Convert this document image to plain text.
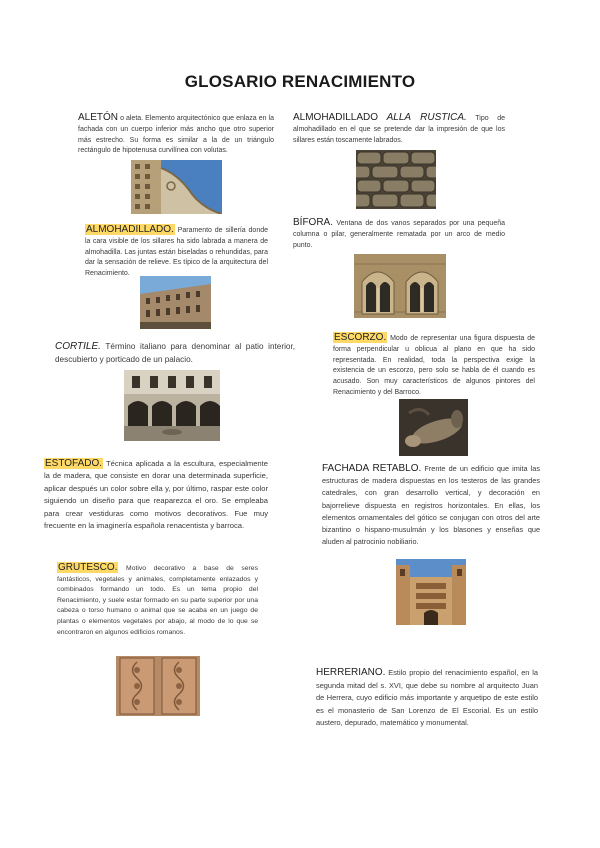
GLOSARIO RENACIMIENTO
ALETÓN o aleta. Elemento arquitectónico que enlaza en la fachada con un cuerpo inferior más ancho que otro superior más estrecho. Su forma es similar a la de un triángulo rectángulo de hipotenusa curvilínea con volutas.
ALMOHADILLADO ALLA RUSTICA. Tipo de almohadillado en el que se pretende dar la impresión de que los sillares están toscamente labrados.
ALMOHADILLADO. Paramento de sillería donde la cara visible de los sillares ha sido labrada a manera de almohadilla. Las juntas están biseladas o rehundidas, para dar la sensación de relieve. Es típico de la arquitectura del Renacimiento.
BÍFORA. Ventana de dos vanos separados por una pequeña columna o pilar, generalmente rematada por un arco de medio punto.
CORTILE. Término italiano para denominar al patio interior, descubierto y porticado de un palacio.
ESCORZO. Modo de representar una figura dispuesta de forma perpendicular u oblicua al plano en que ha sido representada. En realidad, toda la perspectiva exige la existencia de un escorzo, pero solo se habla de él cuando es acusado. Son muy característicos de algunos pintores del Renacimiento y del Barroco.
ESTOFADO. Técnica aplicada a la escultura, especialmente la de madera, que consiste en dorar una determinada superficie, aplicar después un color sobre ella y, por último, raspar este color siguiendo un diseño para que reaparezca el oro. Se empleaba para crear vestiduras como motivos decorativos. Fue muy frecuente en la imaginería española renacentista y barroca.
FACHADA RETABLO. Frente de un edificio que imita las estructuras de madera dispuestas en los testeros de las grandes catedrales, con gran desarrollo vertical, y decoración en bajorrelieve dispuesta en registros horizontales. En ellas, los elementos ornamentales del gótico se conjugan con otros del arte bizantino o hispano-musulmán y los blasones y enseñas que aluden al patrocinio nobiliario.
GRUTESCO. Motivo decorativo a base de seres fantásticos, vegetales y animales, completamente enlazados y combinados formando un todo. Es un tema propio del Renacimiento, y suele estar formado en su parte superior por una cabeza o torso humano o animal que se acaba en un juego de plantas o elementos vegetales por abajo, al modo de lo que se encontraron en algunos edificios romanos.
HERRERIANO. Estilo propio del renacimiento español, en la segunda mitad del s. XVI, que debe su nombre al arquitecto Juan de Herrera, cuyo edificio más importante y arquetipo de este estilo es el monasterio de San Lorenzo de El Escorial. Es un estilo austero, depurado, matemático y monumental.
